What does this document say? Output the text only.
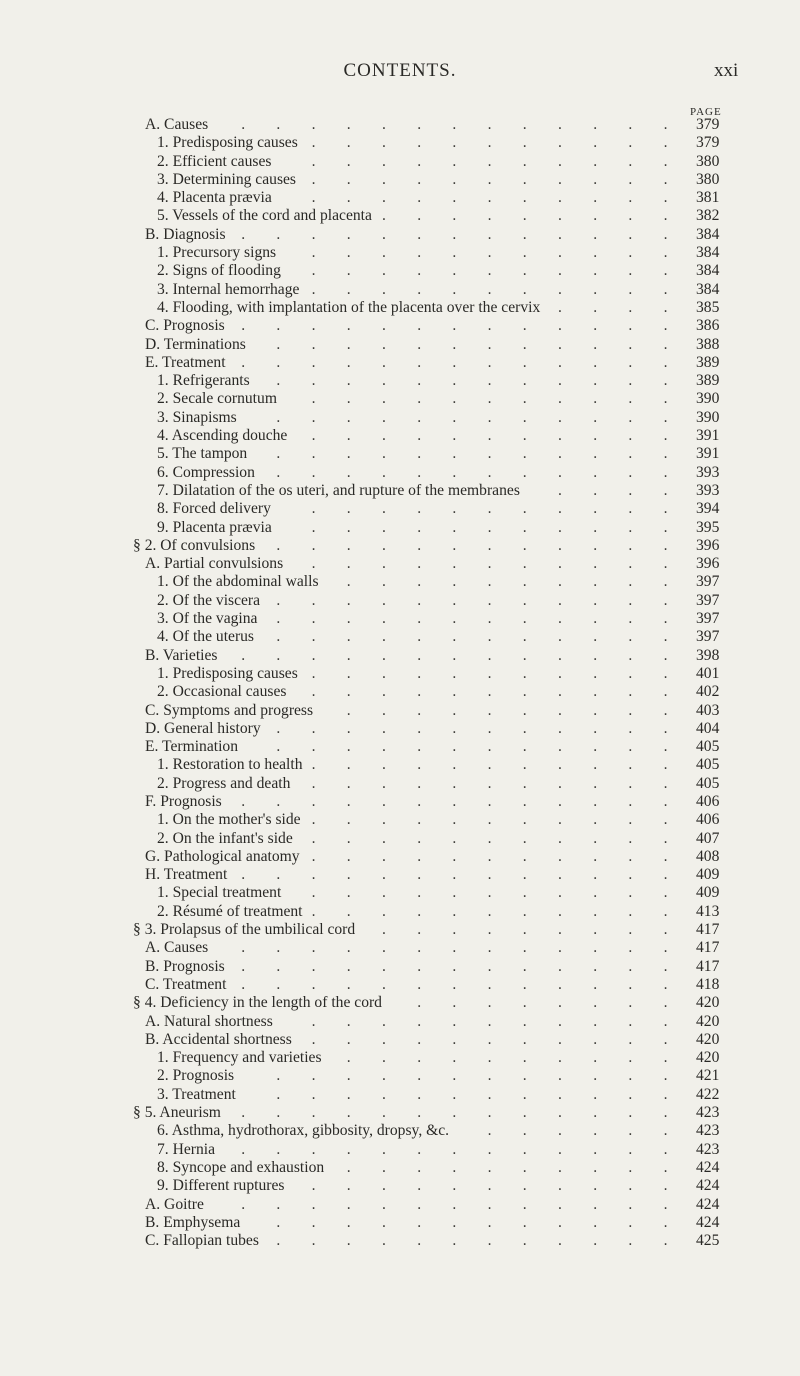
CONTENTS.	xxi
PAGE
A. Causes . . . . . . . . . . . . . 379
1. Predisposing causes . . . . . . . . . . . 379
2. Efficient causes	. . . . . . . . . . . 380
3. Determining causes . . . . . . . . . . . 380
4. Placenta prævia	. . . . . . . . . . . 381
5. Vessels of the cord and placenta . . . . . . . . . 382
B. Diagnosis . . . . . . . . . . . . . 384
1. Precursory signs . . . . . . . . . . . 384
2. Signs of flooding . . . . . . . . . . . 384
3. Internal hemorrhage . . . . . . . . . . . 384
4. Flooding, with implantation of the placenta over the cervix . . . . 385
C. Prognosis . . . . . . . . . . . . . 386
D. Terminations . . . . . . . . . . . . 388
E. Treatment . . . . . . . . . . . . . 389
1. Refrigerants . . . . . . . . . . . . 389
2. Secale cornutum . . . . . . . . . . . 390
3. Sinapisms	. . . . . . . . . . . . 390
4. Ascending douche . . . . . . . . . . . 391
5. The tampon . . . . . . . . . . . . 391
6. Compression . . . . . . . . . . . . 393
7. Dilatation of the os uteri, and rupture of the membranes . . . . 393
8. Forced delivery	. . . . . . . . . . . 394
9. Placenta prævia	. . . . . . . . . . . 395
§ 2. Of convulsions . . . . . . . . . . . . 396
A. Partial convulsions . . . . . . . . . . . 396
1. Of the abdominal walls . . . . . . . . . . 397
2. Of the viscera . . . . . . . . . . . . 397
3. Of the vagina . . . . . . . . . . . . 397
4. Of the uterus . . . . . . . . . . . . 397
B. Varieties . . . . . . . . . . . . . 398
1. Predisposing causes . . . . . . . . . . . 401
2. Occasional causes . . . . . . . . . . . 402
C. Symptoms and progress . . . . . . . . . . 403
D. General history . . . . . . . . . . . . 404
E. Termination . . . . . . . . . . . . 405
1. Restoration to health . . . . . . . . . . . 405
2. Progress and death . . . . . . . . . . . 405
F. Prognosis . . . . . . . . . . . . . 406
1. On the mother's side . . . . . . . . . . . 406
2. On the infant's side . . . . . . . . . . . 407
G. Pathological anatomy . . . . . . . . . . . 408
H. Treatment . . . . . . . . . . . . . 409
1. Special treatment . . . . . . . . . . . 409
2. Résumé of treatment . . . . . . . . . . . 413
§ 3. Prolapsus of the umbilical cord . . . . . . . . . 417
A. Causes . . . . . . . . . . . . . 417
B. Prognosis . . . . . . . . . . . . . 417
C. Treatment . . . . . . . . . . . . . 418
§ 4. Deficiency in the length of the cord . . . . . . . . 420
A. Natural shortness . . . . . . . . . . . 420
B. Accidental shortness . . . . . . . . . . . 420
1. Frequency and varieties . . . . . . . . . . 420
2. Prognosis	. . . . . . . . . . . . 421
3. Treatment	. . . . . . . . . . . . 422
§ 5. Aneurism . . . . . . . . . . . . . 423
6. Asthma, hydrothorax, gibbosity, dropsy, &c. . . . . . . 423
7. Hernia . . . . . . . . . . . . . 423
8. Syncope and exhaustion . . . . . . . . . . 424
9. Different ruptures . . . . . . . . . . . 424
A. Goitre . . . . . . . . . . . . . 424
B. Emphysema . . . . . . . . . . . . 424
C. Fallopian tubes . . . . . . . . . . . . 425
